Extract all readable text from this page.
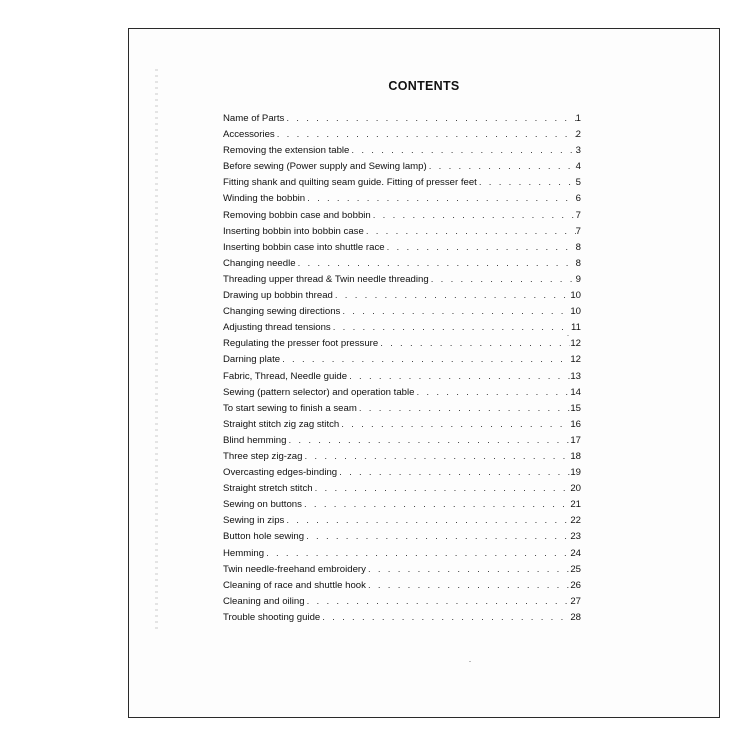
CONTENTS
Name of Parts . . .	1
Accessories . . .	2
Removing the extension table . . .	3
Before sewing (Power supply and Sewing lamp) . . .	4
Fitting shank and quilting seam guide. Fitting of presser feet . . .	5
Winding the bobbin . . .	6
Removing bobbin case and bobbin . . .	7
Inserting bobbin into bobbin case . . .	7
Inserting bobbin case into shuttle race . . .	8
Changing needle . . .	8
Threading upper thread & Twin needle threading . . .	9
Drawing up bobbin thread . . .	10
Changing sewing directions . . .	10
Adjusting thread tensions . . .	11
Regulating the presser foot pressure . . .	12
Darning plate . . .	12
Fabric, Thread, Needle guide . . .	13
Sewing (pattern selector) and operation table . . .	14
To start sewing to finish a seam . . .	15
Straight stitch zig zag stitch . . .	16
Blind hemming . . .	17
Three step zig-zag . . .	18
Overcasting edges-binding . . .	19
Straight stretch stitch . . .	20
Sewing on buttons . . .	21
Sewing in zips . . .	22
Button hole sewing . . .	23
Hemming . . .	24
Twin needle-freehand embroidery . . .	25
Cleaning of race and shuttle hook . . .	26
Cleaning and oiling . . .	27
Trouble shooting guide . . .	28
